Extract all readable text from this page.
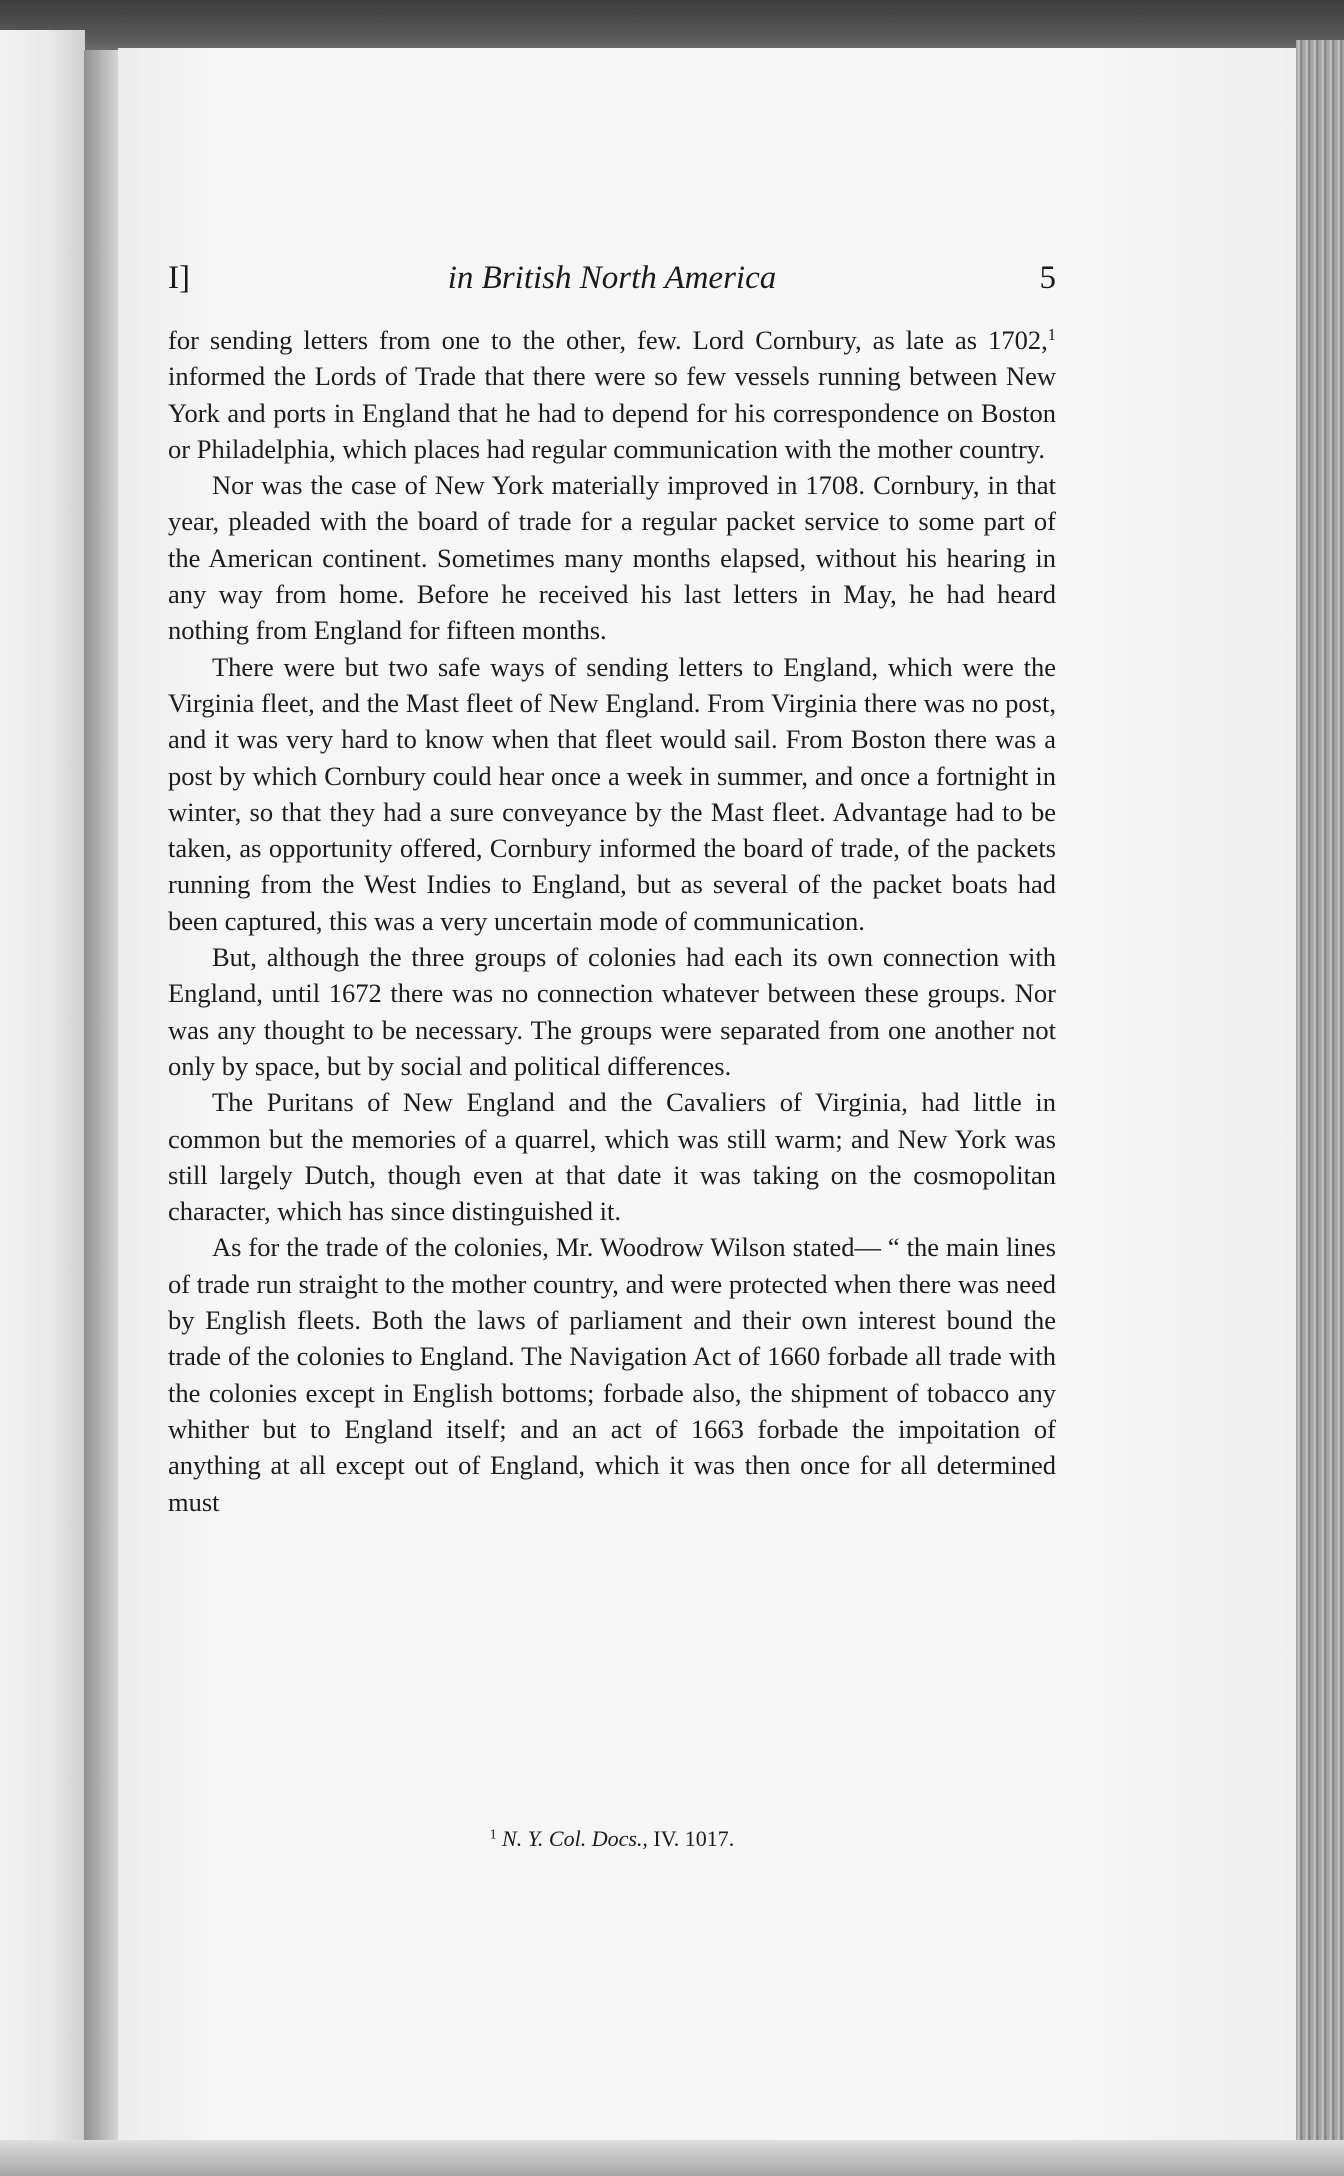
in British North America
I]	5

for sending letters from one to the other, few. Lord Cornbury, as late as 1702,$^1$ informed the Lords of Trade that there were so few vessels running between New York and ports in England that he had to depend for his correspondence on Boston or Philadelphia, which places had regular communication with the mother country.

Nor was the case of New York materially improved in 1708. Cornbury, in that year, pleaded with the board of trade for a regular packet service to some part of the American continent. Sometimes many months elapsed, without his hearing in any way from home. Before he received his last letters in May, he had heard nothing from England for fifteen months.

There were but two safe ways of sending letters to England, which were the Virginia fleet, and the Mast fleet of New England. From Virginia there was no post, and it was very hard to know when that fleet would sail. From Boston there was a post by which Cornbury could hear once a week in summer, and once a fortnight in winter, so that they had a sure conveyance by the Mast fleet. Advantage had to be taken, as opportunity offered, Cornbury informed the board of trade, of the packets running from the West Indies to England, but as several of the packet boats had been captured, this was a very uncertain mode of communication.

But, although the three groups of colonies had each its own connection with England, until 1672 there was no connection whatever between these groups. Nor was any thought to be necessary. The groups were separated from one another not only by space, but by social and political differences.

The Puritans of New England and the Cavaliers of Virginia, had little in common but the memories of a quarrel, which was still warm; and New York was still largely Dutch, though even at that date it was taking on the cosmopolitan character, which has since distinguished it.

As for the trade of the colonies, Mr. Woodrow Wilson stated— “ the main lines of trade run straight to the mother country, and were protected when there was need by English fleets. Both the laws of parliament and their own interest bound the trade of the colonies to England. The Navigation Act of 1660 forbade all trade with the colonies except in English bottoms; forbade also, the shipment of tobacco any whither but to England itself; and an act of 1663 forbade the impoitation of anything at all except out of England, which it was then once for all determined must

$^1$ N. Y. Col. Docs., IV. 1017.
